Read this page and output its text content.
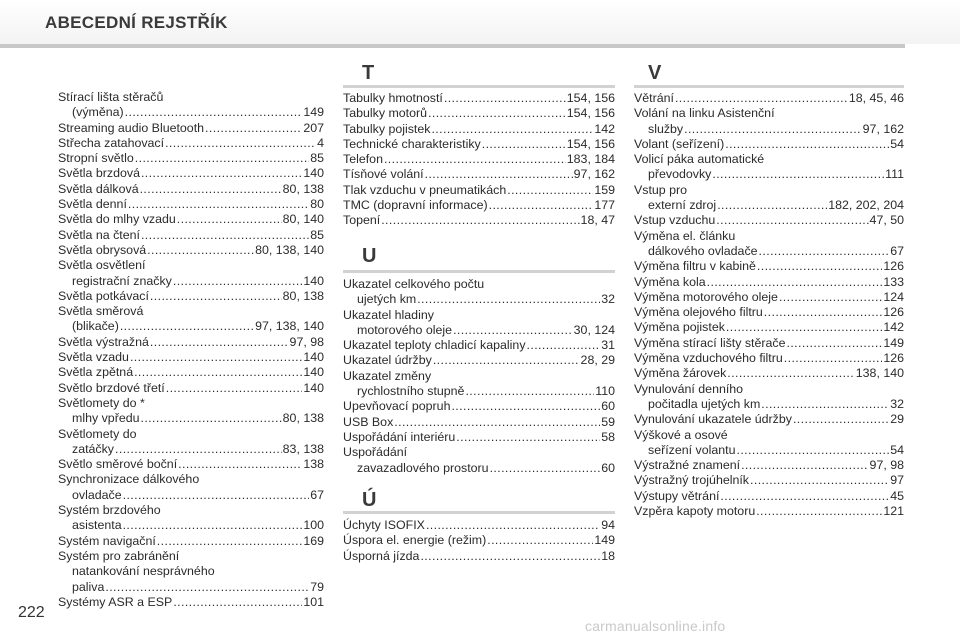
ABECEDNÍ REJSTŘÍK
Stírací lišta stěračů
(výměna) .....	149
Streaming audio Bluetooth .....	207
Střecha zatahovací .....	4
Stropní světlo .....	85
Světla brzdová .....	140
Světla dálková .....	80, 138
Světla denní .....	80
Světla do mlhy vzadu .....	80, 140
Světla na čtení .....	85
Světla obrysová .....	80, 138, 140
Světla osvětlení
registrační značky .....	140
Světla potkávací .....	80, 138
Světla směrová
(blikače) .....	97, 138, 140
Světla výstražná .....	97, 98
Světla vzadu .....	140
Světla zpětná .....	140
Světlo brzdové třetí .....	140
Světlomety do *
mlhy vpředu .....	80, 138
Světlomety do
zatáčky .....	83, 138
Světlo směrové boční .....	138
Synchronizace dálkového
ovladače .....	67
Systém brzdového
asistenta .....	100
Systém navigační .....	169
Systém pro zabránění
natankování nesprávného
paliva .....	79
Systémy ASR a ESP .....	101
T
Tabulky hmotností .....	154, 156
Tabulky motorů .....	154, 156
Tabulky pojistek .....	142
Technické charakteristiky .....	154, 156
Telefon .....	183, 184
Tísňové volání .....	97, 162
Tlak vzduchu v pneumatikách .....	159
TMC (dopravní informace) .....	177
Topení .....	18, 47
U
Ukazatel celkového počtu
ujetých km .....	32
Ukazatel hladiny
motorového oleje .....	30, 124
Ukazatel teploty chladicí kapaliny .....	31
Ukazatel údržby .....	28, 29
Ukazatel změny
rychlostního stupně .....	110
Upevňovací popruh .....	60
USB Box .....	59
Uspořádání interiéru .....	58
Uspořádání
zavazadlového prostoru .....	60
Ú
Úchyty ISOFIX .....	94
Úspora el. energie (režim) .....	149
Úsporná jízda .....	18
V
Větrání .....	18, 45, 46
Volání na linku Asistenční
služby .....	97, 162
Volant (seřízení) .....	54
Volicí páka automatické
převodovky .....	111
Vstup pro
externí zdroj .....	182, 202, 204
Vstup vzduchu .....	47, 50
Výměna el. článku
dálkového ovladače .....	67
Výměna filtru v kabině .....	126
Výměna kola .....	133
Výměna motorového oleje .....	124
Výměna olejového filtru .....	126
Výměna pojistek .....	142
Výměna stírací lišty stěrače .....	149
Výměna vzduchového filtru .....	126
Výměna žárovek .....	138, 140
Vynulování denního
počitadla ujetých km .....	32
Vynulování ukazatele údržby .....	29
Výškové a osové
seřízení volantu .....	54
Výstražné znamení .....	97, 98
Výstražný trojúhelník .....	97
Výstupy větrání .....	45
Vzpěra kapoty motoru .....	121
222
carmanualsonline.info
